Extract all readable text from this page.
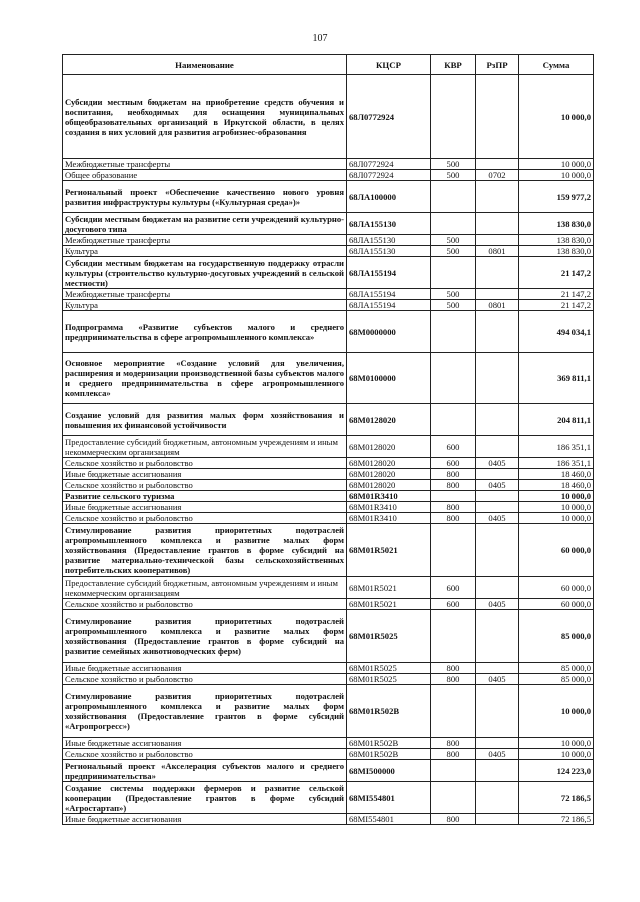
107
Наименование	КЦСР	КВР	РзПР	Сумма
Субсидии местным бюджетам на приобретение средств обучения и воспитания, необходимых для оснащения муниципальных общеобразовательных организаций в Иркутской области, в целях создания в них условий для развития агробизнес-образования	68Л0772924			10 000,0
Межбюджетные трансферты	68Л0772924	500		10 000,0
Общее образование	68Л0772924	500	0702	10 000,0
Региональный проект «Обеспечение качественно нового уровня развития инфраструктуры культуры («Культурная среда»)»	68ЛА100000			159 977,2
Субсидии местным бюджетам на развитие сети учреждений культурно-досугового типа	68ЛА155130			138 830,0
Межбюджетные трансферты	68ЛА155130	500		138 830,0
Культура	68ЛА155130	500	0801	138 830,0
Субсидии местным бюджетам на государственную поддержку отрасли культуры (строительство культурно-досуговых учреждений в сельской местности)	68ЛА155194			21 147,2
Межбюджетные трансферты	68ЛА155194	500		21 147,2
Культура	68ЛА155194	500	0801	21 147,2
Подпрограмма «Развитие субъектов малого и среднего предпринимательства в сфере агропромышленного комплекса»	68М0000000			494 034,1
Основное мероприятие «Создание условий для увеличения, расширения и модернизации производственной базы субъектов малого и среднего предпринимательства в сфере агропромышленного комплекса»	68М0100000			369 811,1
Создание условий для развития малых форм хозяйствования и повышения их финансовой устойчивости	68М0128020			204 811,1
Предоставление субсидий бюджетным, автономным учреждениям и иным некоммерческим организациям	68М0128020	600		186 351,1
Сельское хозяйство и рыболовство	68М0128020	600	0405	186 351,1
Иные бюджетные ассигнования	68М0128020	800		18 460,0
Сельское хозяйство и рыболовство	68М0128020	800	0405	18 460,0
Развитие сельского туризма	68М01R3410			10 000,0
Иные бюджетные ассигнования	68М01R3410	800		10 000,0
Сельское хозяйство и рыболовство	68М01R3410	800	0405	10 000,0
Стимулирование развития приоритетных подотраслей агропромышленного комплекса и развитие малых форм хозяйствования (Предоставление грантов в форме субсидий на развитие материально-технической базы сельскохозяйственных потребительских кооперативов)	68М01R5021			60 000,0
Предоставление субсидий бюджетным, автономным учреждениям и иным некоммерческим организациям	68М01R5021	600		60 000,0
Сельское хозяйство и рыболовство	68М01R5021	600	0405	60 000,0
Стимулирование развития приоритетных подотраслей агропромышленного комплекса и развитие малых форм хозяйствования (Предоставление грантов в форме субсидий на развитие семейных животноводческих ферм)	68М01R5025			85 000,0
Иные бюджетные ассигнования	68М01R5025	800		85 000,0
Сельское хозяйство и рыболовство	68М01R5025	800	0405	85 000,0
Стимулирование развития приоритетных подотраслей агропромышленного комплекса и развитие малых форм хозяйствования (Предоставление грантов в форме субсидий «Агропрогресс»)	68М01R502В			10 000,0
Иные бюджетные ассигнования	68М01R502В	800		10 000,0
Сельское хозяйство и рыболовство	68М01R502В	800	0405	10 000,0
Региональный проект «Акселерация субъектов малого и среднего предпринимательства»	68МI500000			124 223,0
Создание системы поддержки фермеров и развитие сельской кооперации (Предоставление грантов в форме субсидий «Агростартап»)	68МI554801			72 186,5
Иные бюджетные ассигнования	68МI554801	800		72 186,5
